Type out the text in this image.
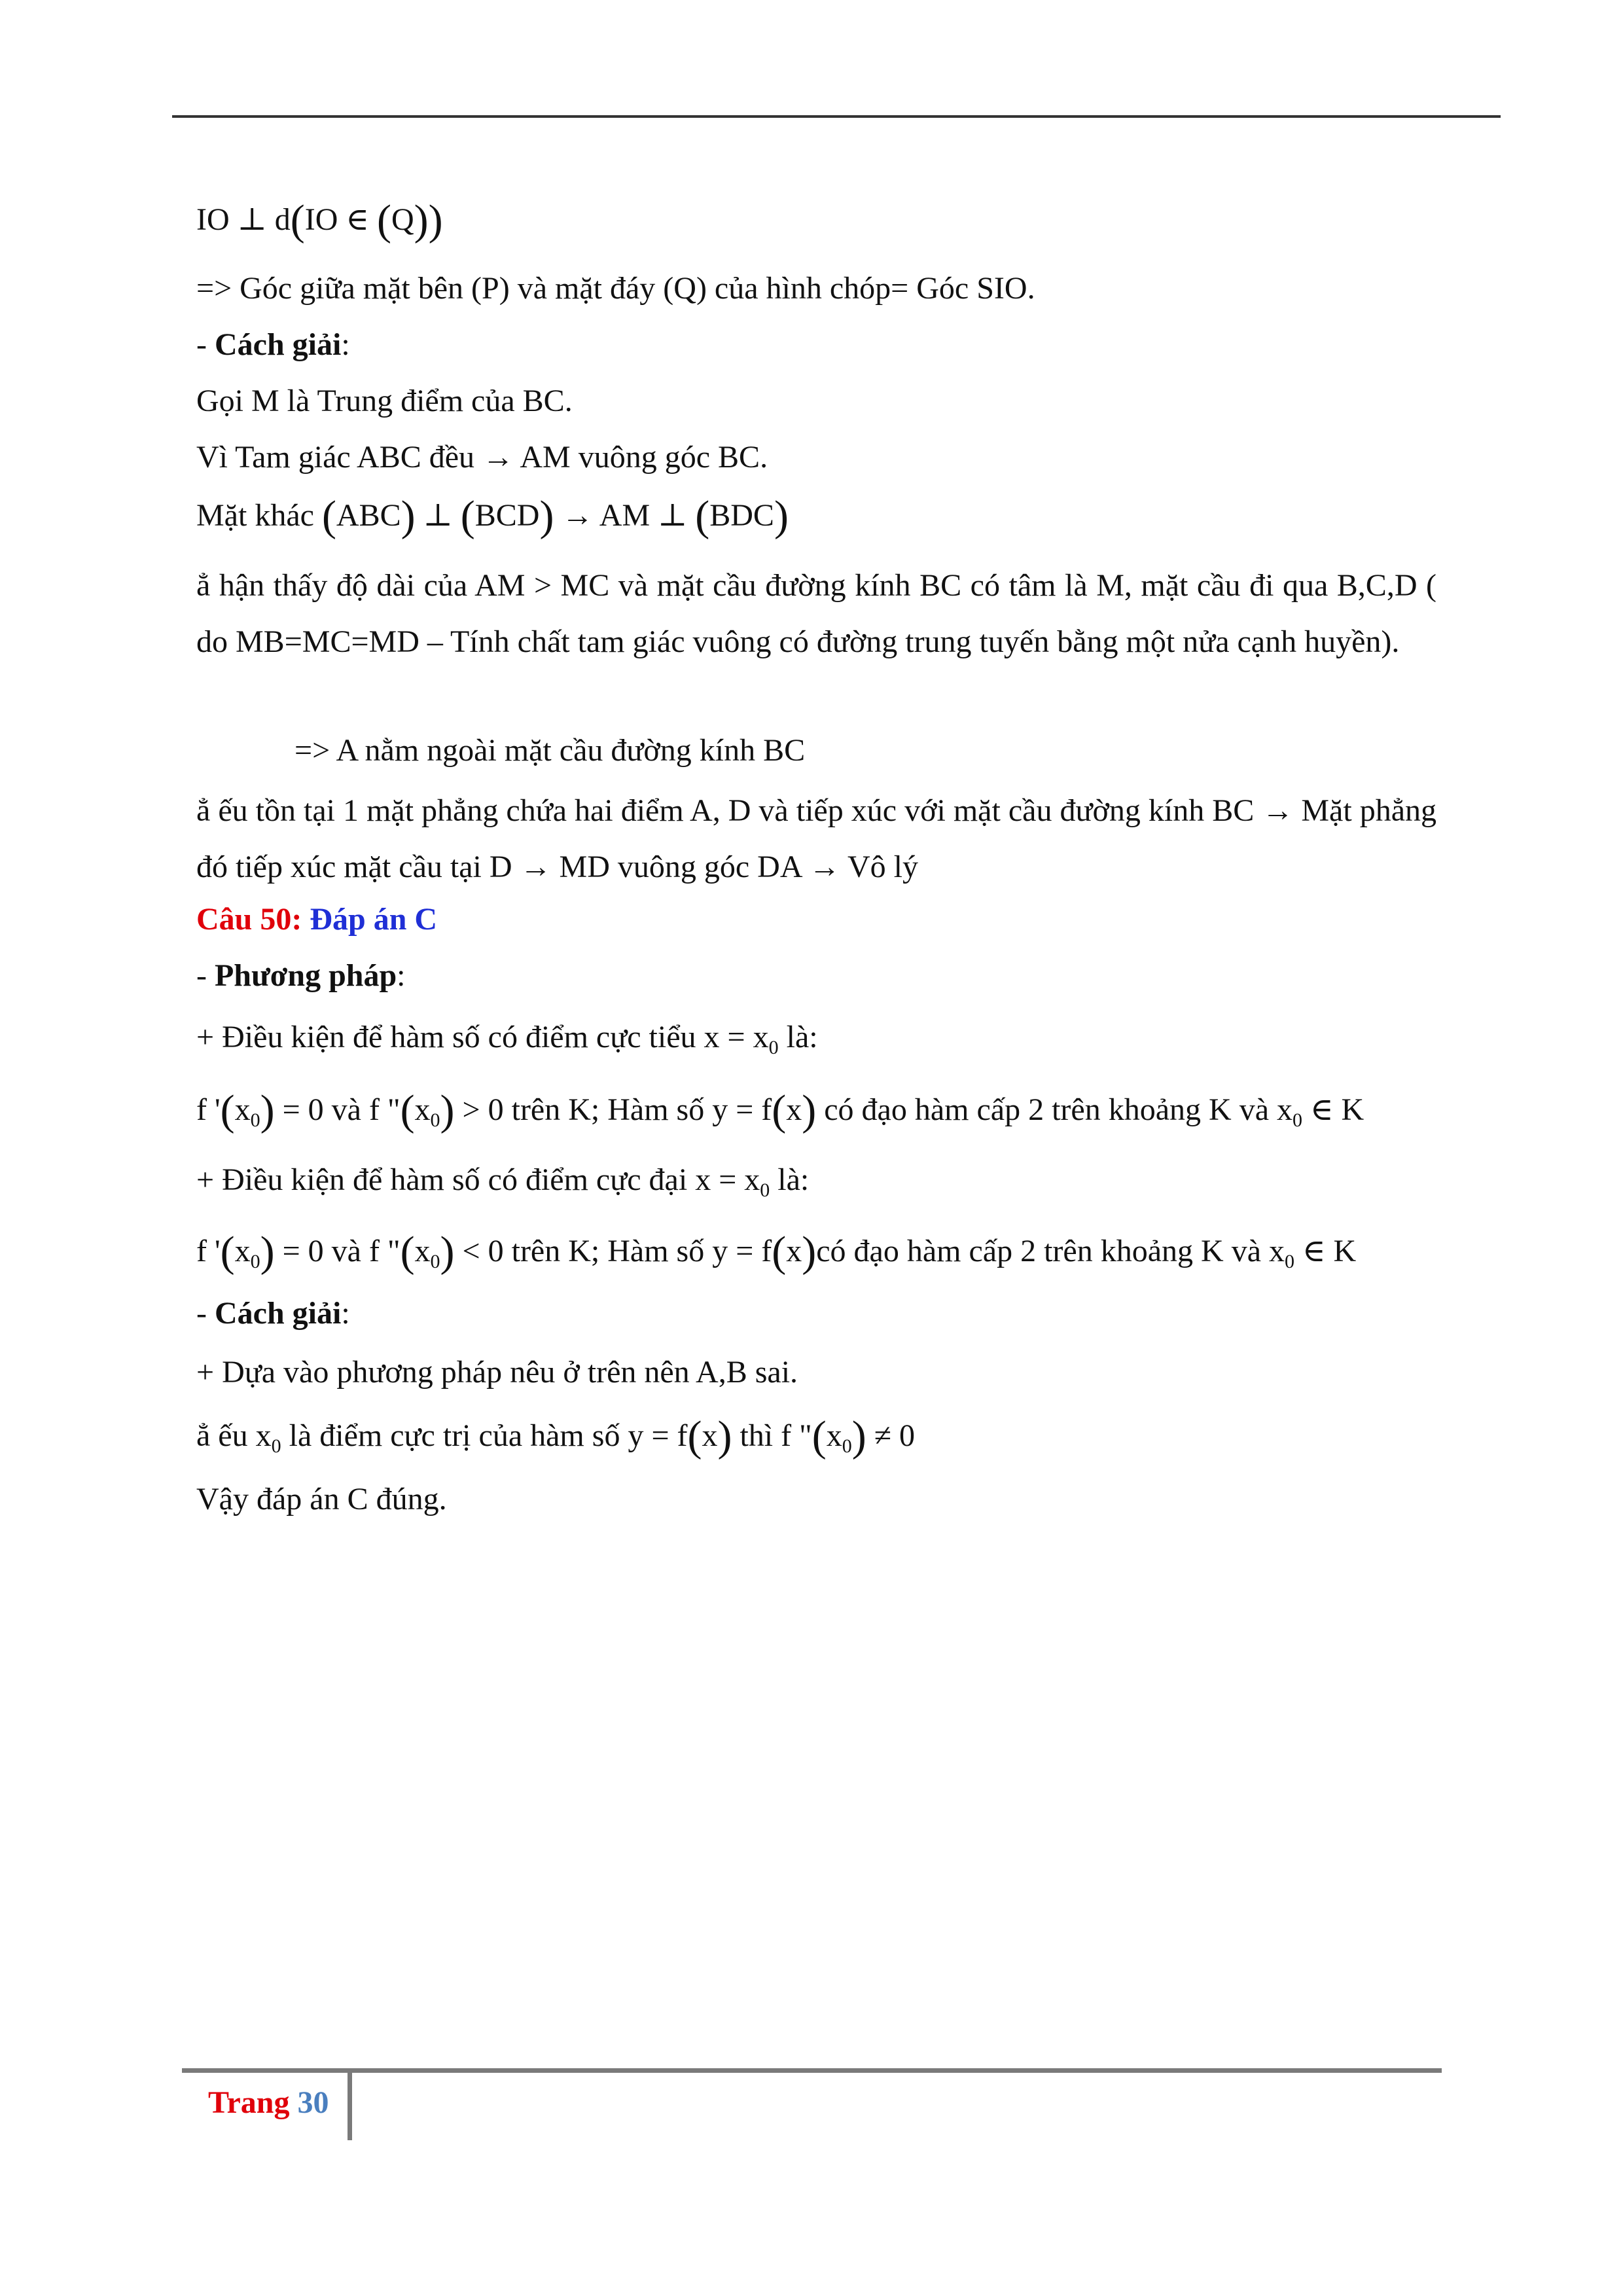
IO ⊥ d(IO ∈ (Q))
=> Góc giữa mặt bên (P) và mặt đáy (Q) của hình chóp= Góc SIO.
- Cách giải:
Gọi M là Trung điểm của BC.
Vì Tam giác ABC đều → AM vuông góc BC.
Mặt khác (ABC) ⊥ (BCD) → AM ⊥ (BDC)
ẳ hận thấy độ dài của AM > MC và mặt cầu đường kính BC có tâm là M, mặt cầu đi qua B,C,D ( do MB=MC=MD – Tính chất tam giác vuông có đường trung tuyến bằng một nửa cạnh huyền).
=> A nằm ngoài mặt cầu đường kính BC
ẳ ếu tồn tại 1 mặt phẳng chứa hai điểm A, D và tiếp xúc với mặt cầu đường kính BC → Mặt phẳng đó tiếp xúc mặt cầu tại D → MD vuông góc DA → Vô lý
Câu 50: Đáp án C
- Phương pháp:
+ Điều kiện để hàm số có điểm cực tiểu $x = x_0$ là:
f '$(x_0) = 0$ và f "$(x_0) > 0$ trên K; Hàm số y = f(x) có đạo hàm cấp 2 trên khoảng K và $x_0$ ∈ K
+ Điều kiện để hàm số có điểm cực đại $x = x_0$ là:
f '$(x_0) = 0$ và f "$(x_0) < 0$ trên K; Hàm số y = f(x)có đạo hàm cấp 2 trên khoảng K và $x_0$ ∈ K
- Cách giải:
+ Dựa vào phương pháp nêu ở trên nên A,B sai.
ẳ ếu $x_0$ là điểm cực trị của hàm số y = f(x) thì f "$(x_0) \ne 0$
Vậy đáp án C đúng.
Trang 30
